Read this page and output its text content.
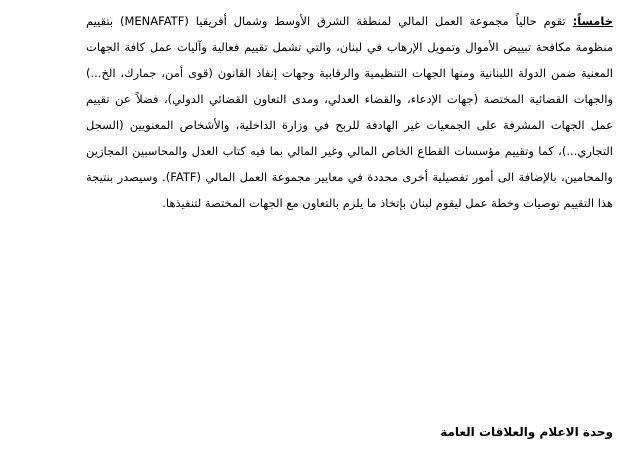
خامساً: تقوم حالياً مجموعة العمل المالي لمنطقة الشرق الأوسط وشمال أفريقيا (MENAFATF) بتقييم منظومة مكافحة تبييض الأموال وتمويل الإرهاب في لبنان، والتي تشمل تقييم فعالية وآليات عمل كافة الجهات المعنية ضمن الدولة اللبنانية ومنها الجهات التنظيمية والرقابية وجهات إنفاذ القانون (قوى أمن، جمارك، الخ...) والجهات القضائية المختصة (جهات الإدعاء، والقضاء العدلي، ومدى التعاون القضائي الدولي)، فضلاً عن تقييم عمل الجهات المشرفة على الجمعيات غير الهادفة للربح في وزارة الداخلية، والأشخاص المعنويين (السجل التجاري...)، كما وتقييم مؤسسات القطاع الخاص المالي وغير المالي بما فيه كتاب العدل والمحاسبين المجازين والمحامين، بالإضافة الى أمور تفصيلية أخرى محددة في معايير مجموعة العمل المالي (FATF). وسيصدر بنتيجة هذا التقييم توصيات وخطة عمل ليقوم لبنان بإتخاذ ما يلزم بالتعاون مع الجهات المختصة لتنفيذها.

وحدة الاعلام والعلاقات العامة
